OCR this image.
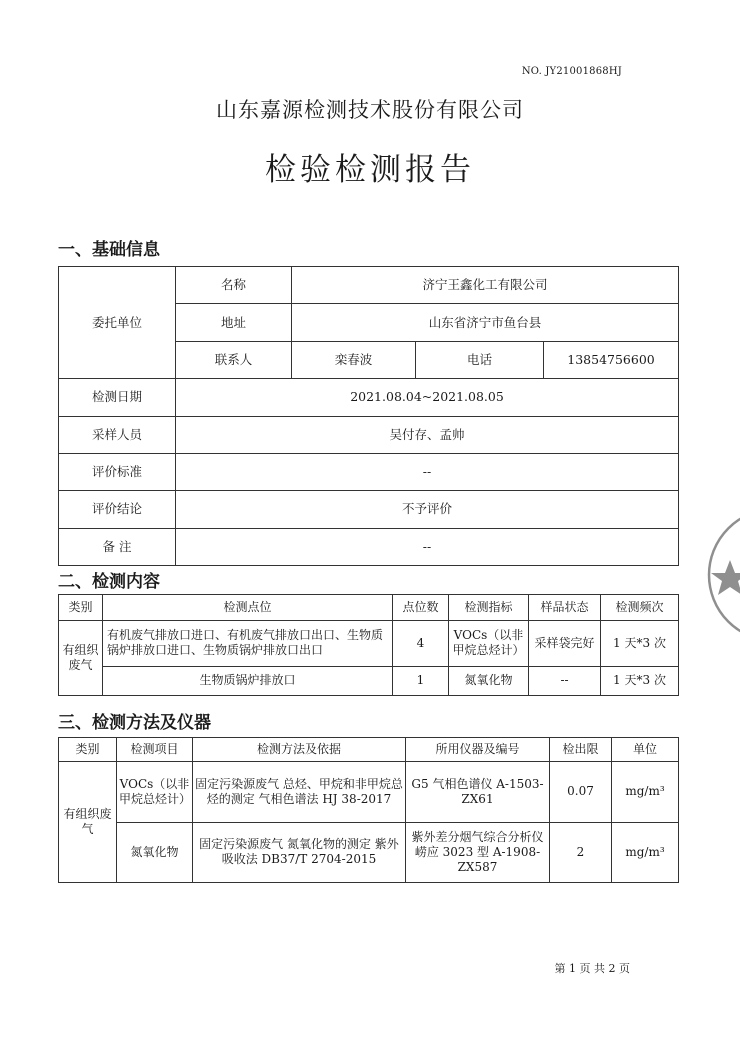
NO. JY21001868HJ
山东嘉源检测技术股份有限公司
检验检测报告
一、基础信息
委托单位	名称	济宁王鑫化工有限公司		
	地址	山东省济宁市鱼台县		
	联系人	栾春波	电话	13854756600
检测日期	2021.08.04~2021.08.05			
采样人员	吴付存、孟帅			
评价标准	--			
评价结论	不予评价			
备 注	--			
二、检测内容
类别	检测点位	点位数	检测指标	样品状态	检测频次
有组织废气	有机废气排放口进口、有机废气排放口出口、生物质锅炉排放口进口、生物质锅炉排放口出口	4	VOCs（以非甲烷总烃计）	采样袋完好	1 天*3 次
	生物质锅炉排放口	1	氮氧化物	--	1 天*3 次
三、检测方法及仪器
类别	检测项目	检测方法及依据	所用仪器及编号	检出限	单位
有组织废气	VOCs（以非甲烷总烃计）	固定污染源废气 总烃、甲烷和非甲烷总烃的测定 气相色谱法 HJ 38-2017	G5 气相色谱仪 A-1503-ZX61	0.07	mg/m³
	氮氧化物	固定污染源废气 氮氧化物的测定 紫外吸收法 DB37/T 2704-2015	紫外差分烟气综合分析仪 崂应 3023 型 A-1908-ZX587	2	mg/m³
第 1 页 共 2 页
